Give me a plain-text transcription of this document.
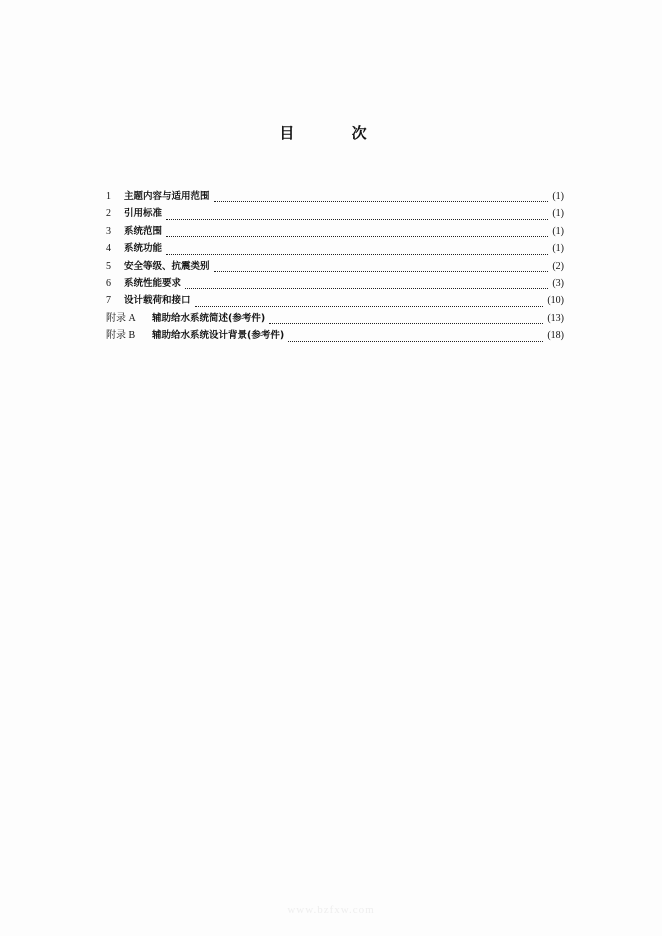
目 次
1	主题内容与适用范围	(1)
2	引用标准	(1)
3	系统范围	(1)
4	系统功能	(1)
5	安全等级、抗震类别	(2)
6	系统性能要求	(3)
7	设计载荷和接口	(10)
附录 A	辅助给水系统简述(参考件)	(13)
附录 B	辅助给水系统设计背景(参考件)	(18)
www.bzfxw.com
